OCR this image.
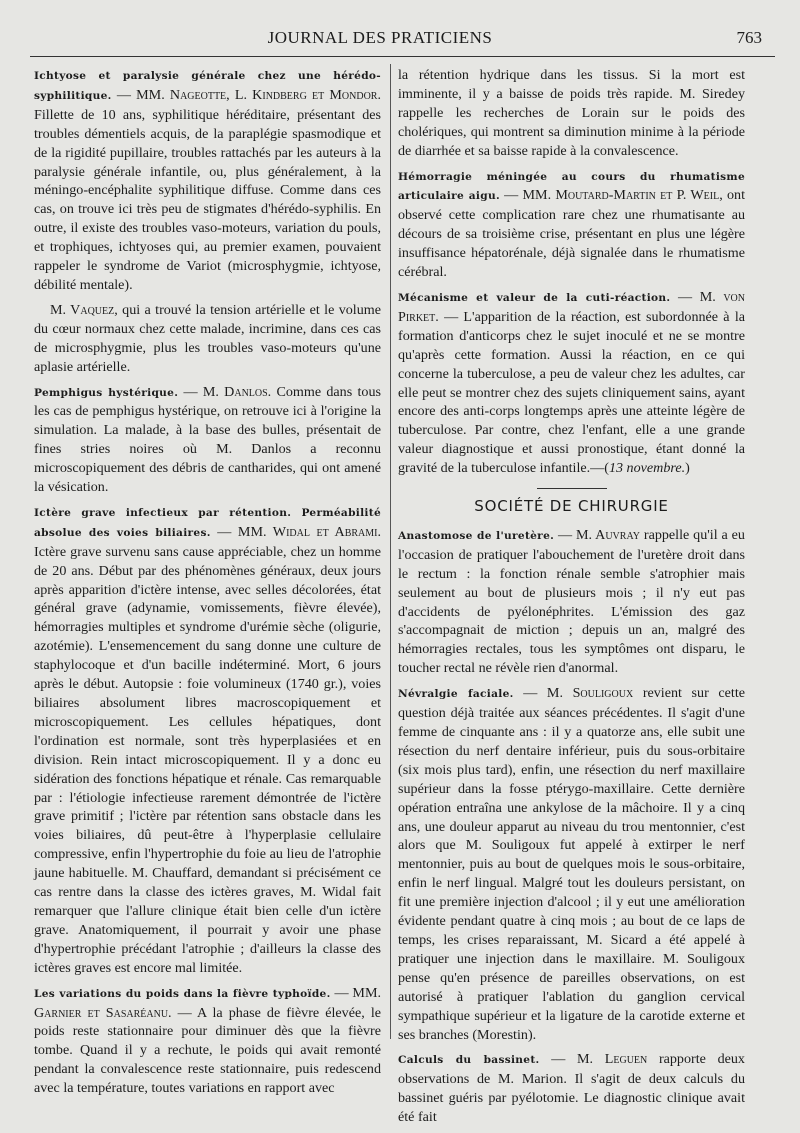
JOURNAL DES PRATICIENS	763

Ichtyose et paralysie générale chez une hérédo-syphilitique. — MM. Nageotte, L. Kindberg et Mondor. Fillette de 10 ans, syphilitique héréditaire, présentant des troubles démentiels acquis, de la paraplégie spasmodique et de la rigidité pupillaire, troubles rattachés par les auteurs à la paralysie générale infantile, ou, plus généralement, à la méningo-encéphalite syphilitique diffuse. Comme dans ces cas, on trouve ici très peu de stigmates d'hérédo-syphilis. En outre, il existe des troubles vaso-moteurs, variation du pouls, et trophiques, ichtyoses qui, au premier examen, pouvaient rappeler le syndrome de Variot (microsphygmie, ichtyose, débilité mentale).

M. Vaquez, qui a trouvé la tension artérielle et le volume du cœur normaux chez cette malade, incrimine, dans ces cas de microsphygmie, plus les troubles vaso-moteurs qu'une aplasie artérielle.

Pemphigus hystérique. — M. Danlos. Comme dans tous les cas de pemphigus hystérique, on retrouve ici à l'origine la simulation. La malade, à la base des bulles, présentait de fines stries noires où M. Danlos a reconnu microscopiquement des débris de cantharides, qui ont amené la vésication.

Ictère grave infectieux par rétention. Perméabilité absolue des voies biliaires. — MM. Widal et Abrami. Ictère grave survenu sans cause appréciable, chez un homme de 20 ans. Début par des phénomènes généraux, deux jours après apparition d'ictère intense, avec selles décolorées, état général grave (adynamie, vomissements, fièvre élevée), hémorragies multiples et syndrome d'urémie sèche (oligurie, azotémie). L'ensemencement du sang donne une culture de staphylocoque et d'un bacille indéterminé. Mort, 6 jours après le début. Autopsie : foie volumineux (1740 gr.), voies biliaires absolument libres macroscopiquement et microscopiquement. Les cellules hépatiques, dont l'ordination est normale, sont très hyperplasiées et en division. Rein intact microscopiquement. Il y a donc eu sidération des fonctions hépatique et rénale. Cas remarquable par : l'étiologie infectieuse rarement démontrée de l'ictère grave primitif ; l'ictère par rétention sans obstacle dans les voies biliaires, dû peut-être à l'hyperplasie cellulaire compressive, enfin l'hypertrophie du foie au lieu de l'atrophie jaune habituelle. M. Chauffard, demandant si précisément ce cas rentre dans la classe des ictères graves, M. Widal fait remarquer que l'allure clinique était bien celle d'un ictère grave. Anatomiquement, il pourrait y avoir une phase d'hypertrophie précédant l'atrophie ; d'ailleurs la classe des ictères graves est encore mal limitée.

Les variations du poids dans la fièvre typhoïde. — MM. Garnier et Sasaréanu. — A la phase de fièvre élevée, le poids reste stationnaire pour diminuer dès que la fièvre tombe. Quand il y a rechute, le poids qui avait remonté pendant la convalescence reste stationnaire, puis redescend avec la température, toutes variations en rapport avec

la rétention hydrique dans les tissus. Si la mort est imminente, il y a baisse de poids très rapide. M. Siredey rappelle les recherches de Lorain sur le poids des cholériques, qui montrent sa diminution minime à la période de diarrhée et sa baisse rapide à la convalescence.

Hémorragie méningée au cours du rhumatisme articulaire aigu. — MM. Moutard-Martin et P. Weil, ont observé cette complication rare chez une rhumatisante au décours de sa troisième crise, présentant en plus une légère insuffisance hépatorénale, déjà signalée dans le rhumatisme cérébral.

Mécanisme et valeur de la cuti-réaction. — M. von Pirket. — L'apparition de la réaction, est subordonnée à la formation d'anticorps chez le sujet inoculé et ne se montre qu'après cette formation. Aussi la réaction, en ce qui concerne la tuberculose, a peu de valeur chez les adultes, car elle peut se montrer chez des sujets cliniquement sains, ayant encore des anti-corps longtemps après une atteinte légère de tuberculose. Par contre, chez l'enfant, elle a une grande valeur diagnostique et aussi pronostique, étant donné la gravité de la tuberculose infantile.—(13 novembre.)

SOCIÉTÉ DE CHIRURGIE

Anastomose de l'uretère. — M. Auvray rappelle qu'il a eu l'occasion de pratiquer l'abouchement de l'uretère droit dans le rectum : la fonction rénale semble s'atrophier mais seulement au bout de plusieurs mois ; il n'y eut pas d'accidents de pyélonéphrites. L'émission des gaz s'accompagnait de miction ; depuis un an, malgré des hémorragies rectales, tous les symptômes ont disparu, le toucher rectal ne révèle rien d'anormal.

Névralgie faciale. — M. Souligoux revient sur cette question déjà traitée aux séances précédentes. Il s'agit d'une femme de cinquante ans : il y a quatorze ans, elle subit une résection du nerf dentaire inférieur, puis du sous-orbitaire (six mois plus tard), enfin, une résection du nerf maxillaire supérieur dans la fosse ptérygo-maxillaire. Cette dernière opération entraîna une ankylose de la mâchoire. Il y a cinq ans, une douleur apparut au niveau du trou mentonnier, c'est alors que M. Souligoux fut appelé à extirper le nerf mentonnier, puis au bout de quelques mois le sous-orbitaire, enfin le nerf lingual. Malgré tout les douleurs persistant, on fit une première injection d'alcool ; il y eut une amélioration évidente pendant quatre à cinq mois ; au bout de ce laps de temps, les crises reparaissant, M. Sicard a été appelé à pratiquer une injection dans le maxillaire. M. Souligoux pense qu'en présence de pareilles observations, on est autorisé à pratiquer l'ablation du ganglion cervical sympathique supérieur et la ligature de la carotide externe et ses branches (Morestin).

Calculs du bassinet. — M. Leguen rapporte deux observations de M. Marion. Il s'agit de deux calculs du bassinet guéris par pyélotomie. Le diagnostic clinique avait été fait
